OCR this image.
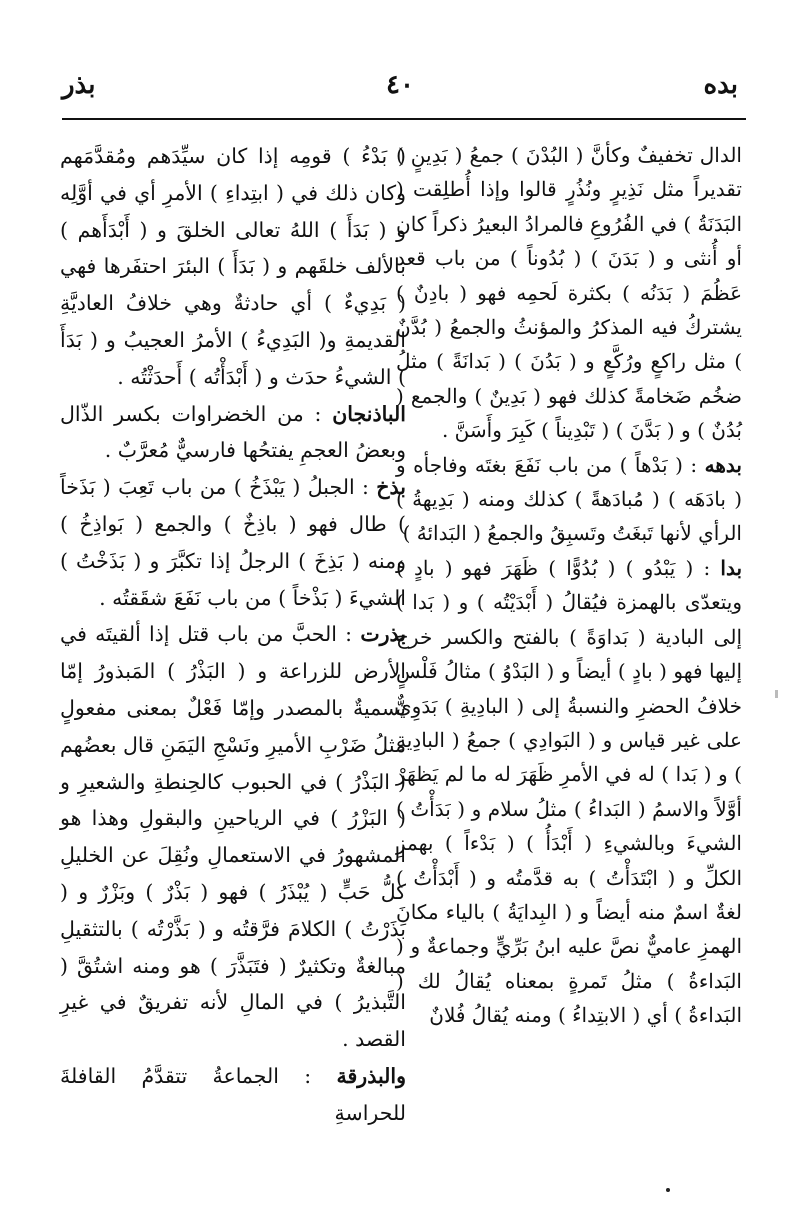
بده
٤٠
بذر

الدال تخفيفٌ وكأنَّ ( البُدْنَ ) جمعُ ( بَدِينٍ ) تقديراً مثل نَذِيرٍ ونُذُرٍ قالوا وإذا أُطلِقت ( البَدَنَةُ ) في الفُرُوعِ فالمرادُ البعيرُ ذكراً كان أو أُنثى و ( بَدَنَ ) ( بُدُوناً ) من باب قعد عَظُمَ ( بَدَنُه ) بكثرة لَحمِه فهو ( بادِنٌ ) يشتركُ فيه المذكرُ والمؤنثُ والجمعُ ( بُدَّنٌ ) مثل راكعٍ ورُكَّعٍ و ( بَدُنَ ) ( بَدانَةً ) مثلُ ضخُم ضَخامةً كذلك فهو ( بَدِينٌ ) والجمع ( بُدُنٌ ) و ( بَدَّنَ ) ( تَبْدِيناً ) كَبِرَ وأَسَنَّ .

بدهه : ( بَدْهاً ) من باب نَفَعَ بغتَه وفاجأه و ( بادَهَه ) ( مُبادَهةً ) كذلك ومنه ( بَدِيهةُ ) الرأي لأنها تَبغَتُ وتَسبِقُ والجمعُ ( البَدائهُ )

بدا : ( يَبْدُو ) ( بُدُوًّا ) ظَهَرَ فهو ( بادٍ ) ويتعدّى بالهمزة فيُقالُ ( أَبْدَيْتُه ) و ( بَدا ) إلى البادية ( بَداوَةً ) بالفتح والكسر خرج إليها فهو ( بادٍ ) أيضاً و ( البَدْوُ ) مثالُ فَلْسٍ خلافُ الحضرِ والنسبةُ إلى ( البادِيةِ ) بَدَوِيٌّ على غير قياس و ( البَوادِي ) جمعُ ( البادِيةِ ) و ( بَدا ) له في الأمرِ ظَهَرَ له ما لم يَظهَرْ أوَّلاً والاسمُ ( البَداءُ ) مثلُ سلام و ( بَدَأْتُ ) الشيءَ وبالشيءِ ( أَبْدَأُ ) ( بَدْءاً ) بهمزِ الكلِّ و ( ابْتَدَأْتُ ) به قدَّمتُه و ( أَبْدَأْتُ ) لغةٌ اسمٌ منه أيضاً و ( البِدايَةُ ) بالياء مكانَ الهمزِ عاميٌّ نصَّ عليه ابنُ بَرِّيٍّ وجماعةٌ و ( البَداءةُ ) مثلُ تَمرةٍ بمعناه يُقالُ لك ( البَداءةُ ) أي ( الابتِداءُ ) ومنه يُقالُ فُلانٌ

( بَدْءُ ) قومِه إذا كان سيِّدَهم ومُقدَّمَهم وكان ذلك في ( ابتِداءِ ) الأمرِ أي في أوَّلِه و ( بَدَأَ ) اللهُ تعالى الخلقَ و ( أَبْدَأَهم ) بالألف خلقَهم و ( بَدَأَ ) البئرَ احتفَرها فهي ( بَدِيءٌ ) أي حادثةٌ وهي خلافُ العاديَّةِ القديمةِ و( البَدِيءُ ) الأمرُ العجيبُ و ( بَدَأَ ) الشيءُ حدَث و ( أَبْدَأْتُه ) أَحدَثْتُه .

الباذنجان : من الخضراوات بكسر الذّال وبعضُ العجمِ يفتحُها فارسيٌّ مُعرَّبٌ .

بذخ : الجبلُ ( يَبْذَخُ ) من باب تَعِبَ ( بَذَخاً ) طال فهو ( باذِخٌ ) والجمع ( بَواذِخُ ) ومنه ( بَذِخَ ) الرجلُ إذا تكبَّرَ و ( بَذَخْتُ ) الشيءَ ( بَذْخاً ) من باب نَفَعَ شقَقتُه .

بذرت : الحبَّ من باب قتل إذا ألقيتَه في الأرض للزراعة و ( البَذْرُ ) المَبذورُ إمّا تسميةٌ بالمصدر وإمّا فَعْلٌ بمعنى مفعولٍ مثلُ ضَرْبِ الأميرِ ونَسْجِ اليَمَنِ قال بعضُهم ( البَذْرُ ) في الحبوب كالحِنطةِ والشعيرِ و ( البَزْرُ ) في الرياحينِ والبقولِ وهذا هو المشهورُ في الاستعمالِ ونُقِلَ عن الخليلِ كلُّ حَبٍّ ( يُبْذَرُ ) فهو ( بَذْرٌ ) وبَزْرٌ و ( بَذَرْتُ ) الكلامَ فرَّقتُه و ( بَذَّرْتُه ) بالتثقيلِ مبالغةٌ وتكثيرٌ ( فتَبَذَّرَ ) هو ومنه اشتُقَّ ( التَّبذيرُ ) في المالِ لأنه تفريقٌ في غيرِ القصد .

والبذرقة : الجماعةُ تتقدَّمُ القافلةَ للحراسةِ
